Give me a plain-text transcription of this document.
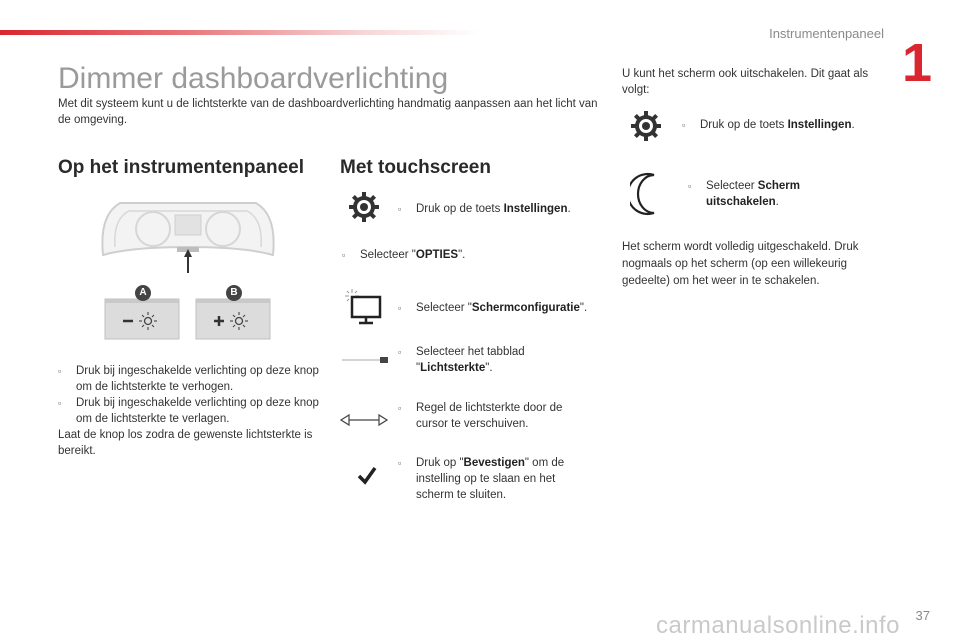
Instrumentenpaneel 1
Dimmer dashboardverlichting
Met dit systeem kunt u de lichtsterkte van de dashboardverlichting handmatig aanpassen aan het licht van de omgeving.
Op het instrumentenpaneel
A	B
▫	Druk bij ingeschakelde verlichting op deze knop om de lichtsterkte te verhogen.
▫	Druk bij ingeschakelde verlichting op deze knop om de lichtsterkte te verlagen.
Laat de knop los zodra de gewenste lichtsterkte is bereikt.
Met touchscreen
▫	Druk op de toets Instellingen.
▫	Selecteer "OPTIES".
▫	Selecteer "Schermconfiguratie".
▫	Selecteer het tabblad "Lichtsterkte".
▫	Regel de lichtsterkte door de cursor te verschuiven.
▫	Druk op "Bevestigen" om de instelling op te slaan en het scherm te sluiten.
U kunt het scherm ook uitschakelen. Dit gaat als volgt:
▫	Druk op de toets Instellingen.
▫	Selecteer Scherm uitschakelen.
Het scherm wordt volledig uitgeschakeld. Druk nogmaals op het scherm (op een willekeurig gedeelte) om het weer in te schakelen.
carmanualsonline.info 37
